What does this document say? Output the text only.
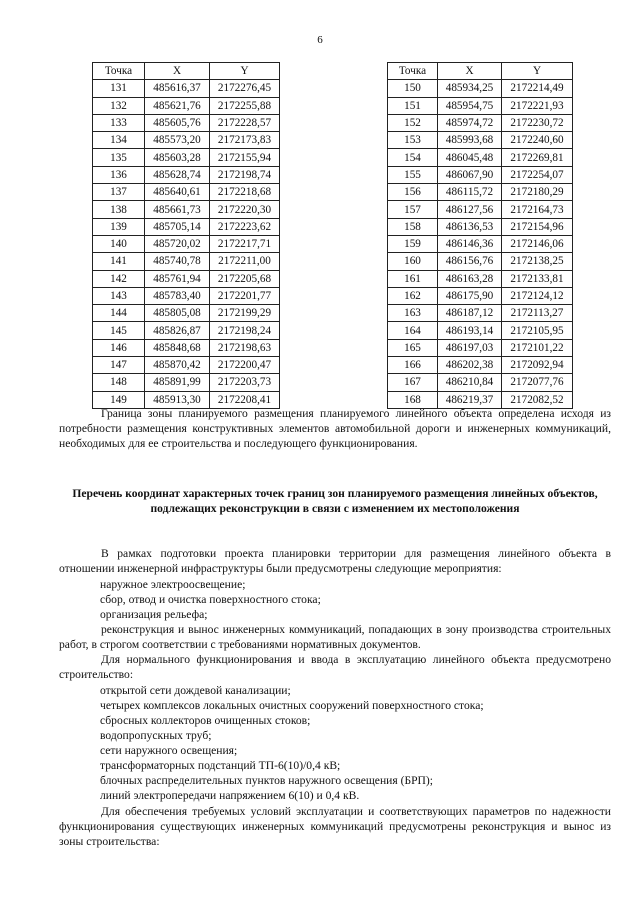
6
Точка	X	Y
131	485616,37	2172276,45
132	485621,76	2172255,88
133	485605,76	2172228,57
134	485573,20	2172173,83
135	485603,28	2172155,94
136	485628,74	2172198,74
137	485640,61	2172218,68
138	485661,73	2172220,30
139	485705,14	2172223,62
140	485720,02	2172217,71
141	485740,78	2172211,00
142	485761,94	2172205,68
143	485783,40	2172201,77
144	485805,08	2172199,29
145	485826,87	2172198,24
146	485848,68	2172198,63
147	485870,42	2172200,47
148	485891,99	2172203,73
149	485913,30	2172208,41
Точка	X	Y
150	485934,25	2172214,49
151	485954,75	2172221,93
152	485974,72	2172230,72
153	485993,68	2172240,60
154	486045,48	2172269,81
155	486067,90	2172254,07
156	486115,72	2172180,29
157	486127,56	2172164,73
158	486136,53	2172154,96
159	486146,36	2172146,06
160	486156,76	2172138,25
161	486163,28	2172133,81
162	486175,90	2172124,12
163	486187,12	2172113,27
164	486193,14	2172105,95
165	486197,03	2172101,22
166	486202,38	2172092,94
167	486210,84	2172077,76
168	486219,37	2172082,52

Граница зоны планируемого размещения планируемого линейного объекта определена исходя из потребности размещения конструктивных элементов автомобильной дороги и инженерных коммуникаций, необходимых для ее строительства и последующего функционирования.

Перечень координат характерных точек границ зон планируемого размещения линейных объектов, подлежащих реконструкции в связи с изменением их местоположения

В рамках подготовки проекта планировки территории для размещения линейного объекта в отношении инженерной инфраструктуры были предусмотрены следующие мероприятия:

наружное электроосвещение;

сбор, отвод и очистка поверхностного стока;

организация рельефа;

реконструкция и вынос инженерных коммуникаций, попадающих в зону производства строительных работ, в строгом соответствии с требованиями нормативных документов.

Для нормального функционирования и ввода в эксплуатацию линейного объекта предусмотрено строительство:

открытой сети дождевой канализации;

четырех комплексов локальных очистных сооружений поверхностного стока;

сбросных коллекторов очищенных стоков;

водопропускных труб;

сети наружного освещения;

трансформаторных подстанций ТП-6(10)/0,4 кВ;

блочных распределительных пунктов наружного освещения (БРП);

линий электропередачи напряжением 6(10) и 0,4 кВ.

Для обеспечения требуемых условий эксплуатации и соответствующих параметров по надежности функционирования существующих инженерных коммуникаций предусмотрены реконструкция и вынос из зоны строительства:
